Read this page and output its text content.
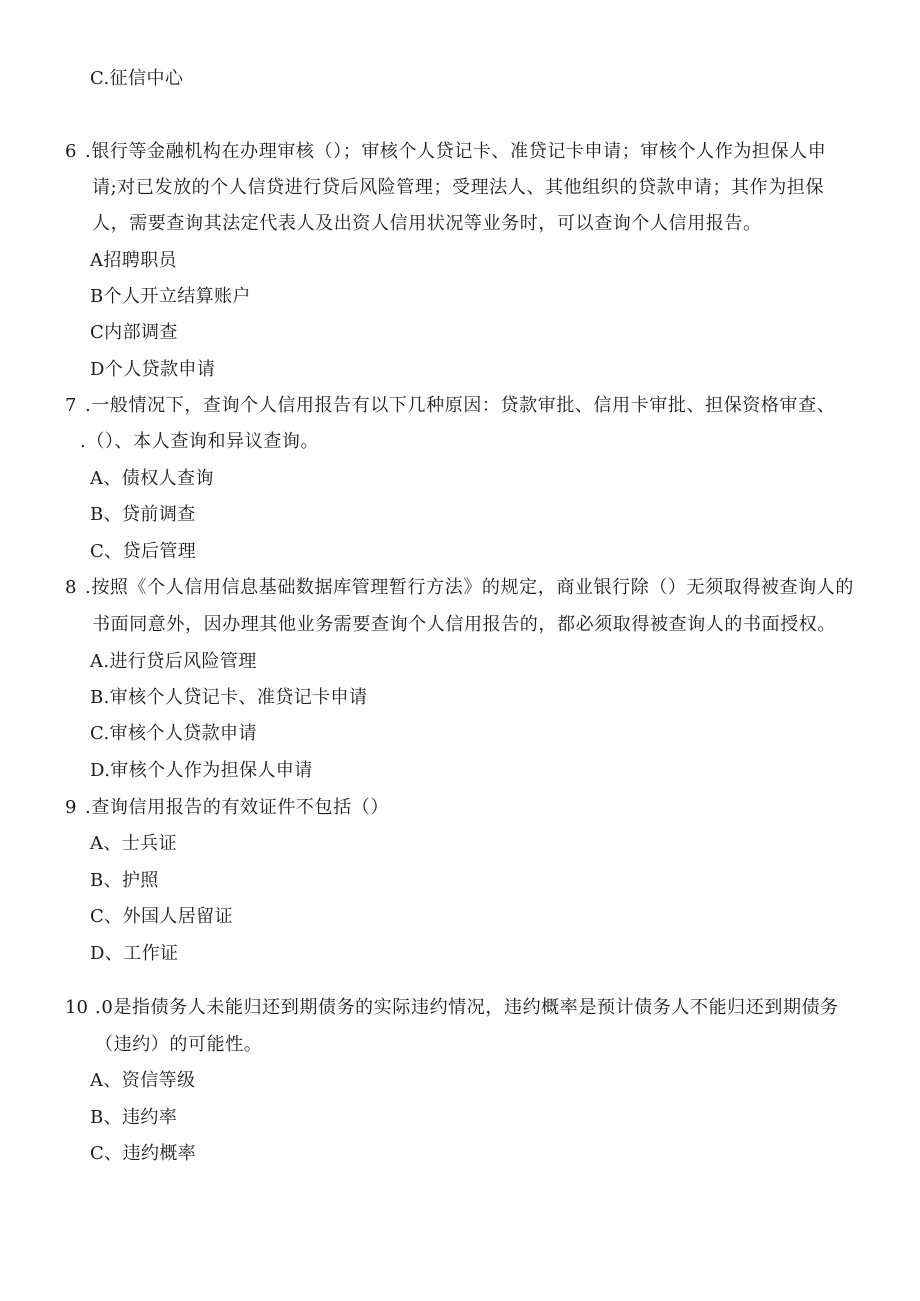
C.征信中心
6 .银行等金融机构在办理审核（）；审核个人贷记卡、准贷记卡申请；审核个人作为担保人申
请;对已发放的个人信贷进行贷后风险管理；受理法人、其他组织的贷款申请；其作为担保
人，需要查询其法定代表人及出资人信用状况等业务时，可以查询个人信用报告。
A招聘职员
B个人开立结算账户
C内部调查
D个人贷款申请
7 .一般情况下，查询个人信用报告有以下几种原因：贷款审批、信用卡审批、担保资格审查、
.（）、本人查询和异议查询。
A、债权人查询
B、贷前调查
C、贷后管理
8 .按照《个人信用信息基础数据库管理暂行方法》的规定，商业银行除（）无须取得被查询人的
书面同意外，因办理其他业务需要查询个人信用报告的，都必须取得被查询人的书面授权。
A.进行贷后风险管理
B.审核个人贷记卡、准贷记卡申请
C.审核个人贷款申请
D.审核个人作为担保人申请
9 .查询信用报告的有效证件不包括（）
A、士兵证
B、护照
C、外国人居留证
D、工作证
10 .0是指债务人未能归还到期债务的实际违约情况，违约概率是预计债务人不能归还到期债务
（违约）的可能性。
A、资信等级
B、违约率
C、违约概率
